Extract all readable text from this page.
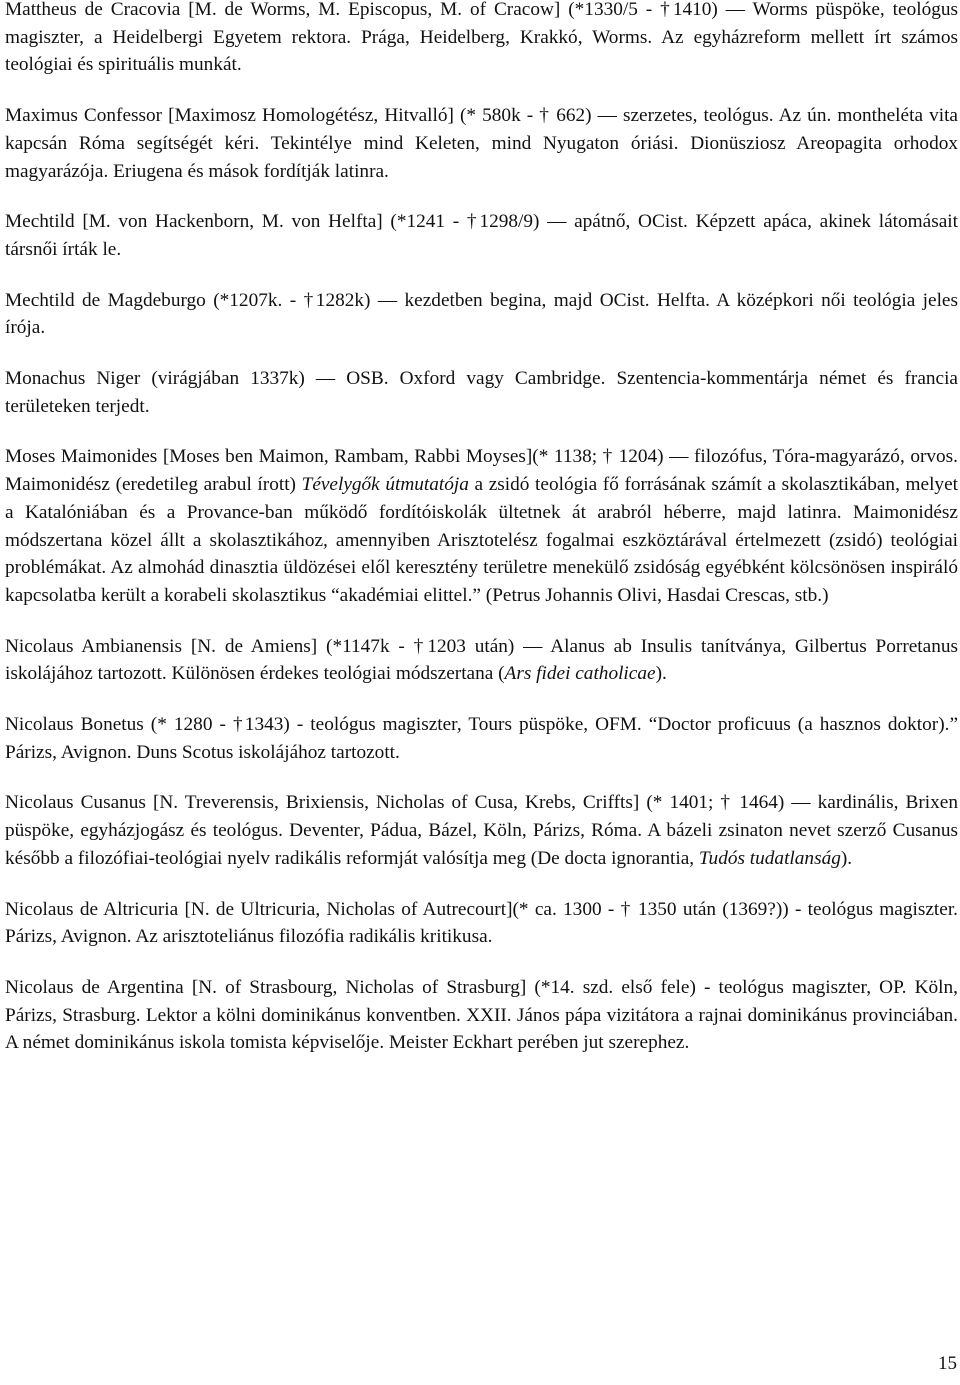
Mattheus de Cracovia [M. de Worms, M. Episcopus, M. of Cracow] (*1330/5 - †1410) — Worms püspöke, teológus magiszter, a Heidelbergi Egyetem rektora. Prága, Heidelberg, Krakkó, Worms. Az egyházreform mellett írt számos teológiai és spirituális munkát.

Maximus Confessor [Maximosz Homologétész, Hitvalló] (* 580k - † 662) — szerzetes, teológus. Az ún. montheléta vita kapcsán Róma segítségét kéri. Tekintélye mind Keleten, mind Nyugaton óriási. Dionüsziosz Areopagita orhodox magyarázója. Eriugena és mások fordítják latinra.

Mechtild [M. von Hackenborn, M. von Helfta] (*1241 - †1298/9) — apátnő, OCist. Képzett apáca, akinek látomásait társnői írták le.

Mechtild de Magdeburgo (*1207k. - †1282k) — kezdetben begina, majd OCist. Helfta. A középkori női teológia jeles írója.

Monachus Niger (virágjában 1337k) — OSB. Oxford vagy Cambridge. Szentencia-kommentárja német és francia területeken terjedt.

Moses Maimonides [Moses ben Maimon, Rambam, Rabbi Moyses](* 1138; † 1204) — filozófus, Tóra-magyarázó, orvos. Maimonidész (eredetileg arabul írott) Tévelygők útmutatója a zsidó teológia fő forrásának számít a skolasztikában, melyet a Katalóniában és a Provance-ban működő fordítóiskolák ültetnek át arabról héberre, majd latinra. Maimonidész módszertana közel állt a skolasztikához, amennyiben Arisztotelész fogalmai eszköztárával értelmezett (zsidó) teológiai problémákat. Az almohád dinasztia üldözései elől keresztény területre menekülő zsidóság egyébként kölcsönösen inspiráló kapcsolatba került a korabeli skolasztikus “akadémiai elittel.” (Petrus Johannis Olivi, Hasdai Crescas, stb.)

Nicolaus Ambianensis [N. de Amiens] (*1147k - †1203 után) — Alanus ab Insulis tanítványa, Gilbertus Porretanus iskolájához tartozott. Különösen érdekes teológiai módszertana (Ars fidei catholicae).

Nicolaus Bonetus (* 1280 - †1343) - teológus magiszter, Tours püspöke, OFM. “Doctor proficuus (a hasznos doktor).” Párizs, Avignon. Duns Scotus iskolájához tartozott.

Nicolaus Cusanus [N. Treverensis, Brixiensis, Nicholas of Cusa, Krebs, Criffts] (* 1401; † 1464) — kardinális, Brixen püspöke, egyházjogász és teológus. Deventer, Pádua, Bázel, Köln, Párizs, Róma. A bázeli zsinaton nevet szerző Cusanus később a filozófiai-teológiai nyelv radikális reformját valósítja meg (De docta ignorantia, Tudós tudatlanság).

Nicolaus de Altricuria [N. de Ultricuria, Nicholas of Autrecourt](* ca. 1300 - † 1350 után (1369?)) - teológus magiszter. Párizs, Avignon. Az arisztoteliánus filozófia radikális kritikusa.

Nicolaus de Argentina [N. of Strasbourg, Nicholas of Strasburg] (*14. szd. első fele) - teológus magiszter, OP. Köln, Párizs, Strasburg. Lektor a kölni dominikánus konventben. XXII. János pápa vizitátora a rajnai dominikánus provinciában. A német dominikánus iskola tomista képviselője. Meister Eckhart perében jut szerephez.

15
